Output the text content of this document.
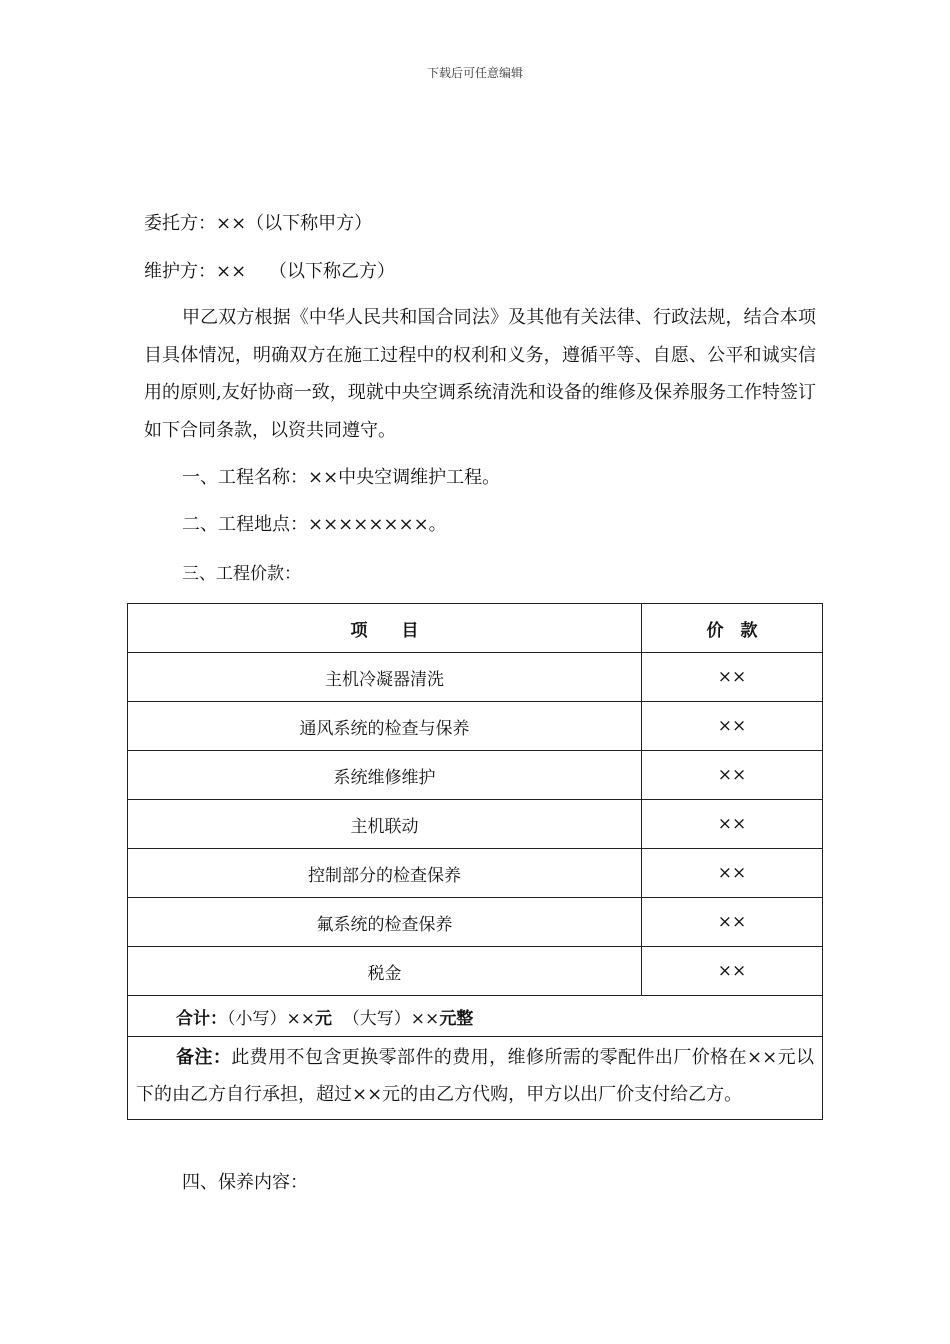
下载后可任意编辑
委托方：××（以下称甲方）
维护方：××    （以下称乙方）
甲乙双方根据《中华人民共和国合同法》及其他有关法律、行政法规，结合本项目具体情况，明确双方在施工过程中的权利和义务，遵循平等、自愿、公平和诚实信用的原则,友好协商一致，现就中央空调系统清洗和设备的维修及保养服务工作特签订如下合同条款，以资共同遵守。
一、工程名称：××中央空调维护工程。
二、工程地点：××××××××。
三、工程价款：
项　　目	价　款
主机冷凝器清洗	××
通风系统的检查与保养	××
系统维修维护	××
主机联动	××
控制部分的检查保养	××
氟系统的检查保养	××
税金	××
合计：（小写）××元 （大写）××元整	

备注：此费用不包含更换零部件的费用，维修所需的零配件出厂价格在××元以下的由乙方自行承担，超过××元的由乙方代购，甲方以出厂价支付给乙方。	
四、保养内容：
